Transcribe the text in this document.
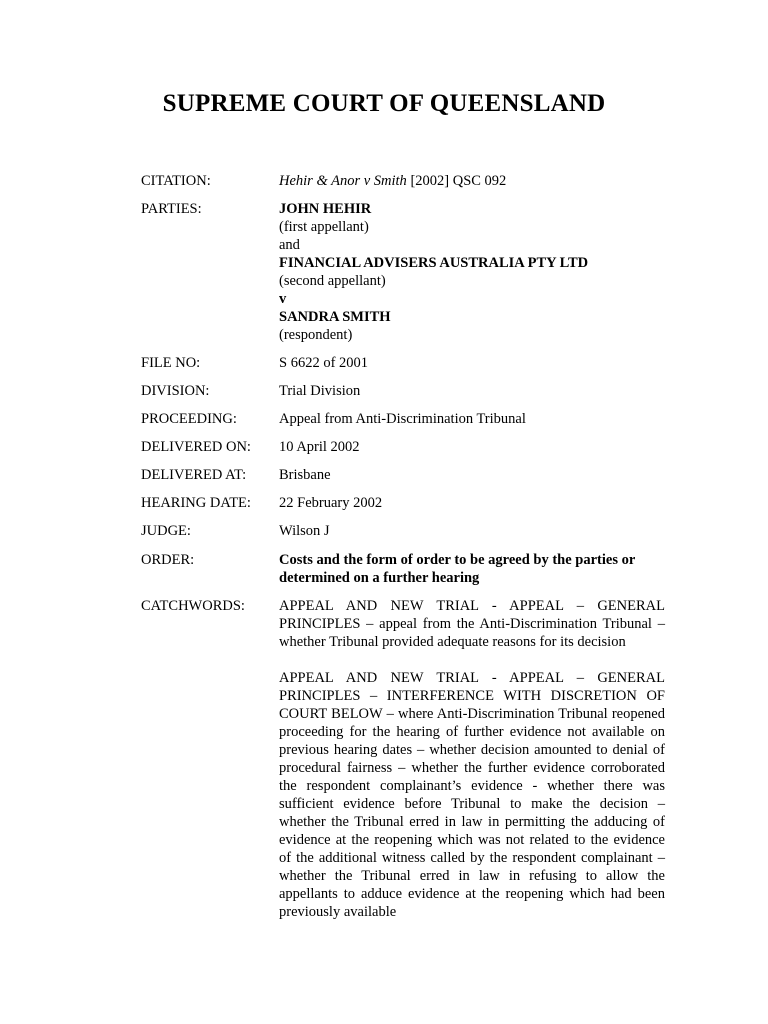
SUPREME COURT OF QUEENSLAND
CITATION:	Hehir & Anor v Smith [2002] QSC 092
PARTIES:	JOHN HEHIR
(first appellant)
and
FINANCIAL ADVISERS AUSTRALIA PTY LTD
(second appellant)
v
SANDRA SMITH
(respondent)
FILE NO:	S 6622 of 2001
DIVISION:	Trial Division
PROCEEDING:	Appeal from Anti-Discrimination Tribunal
DELIVERED ON: 10 April 2002
DELIVERED AT: Brisbane
HEARING DATE: 22 February 2002
JUDGE:	Wilson J
ORDER:	Costs and the form of order to be agreed by the parties or determined on a further hearing
CATCHWORDS: APPEAL AND NEW TRIAL - APPEAL – GENERAL PRINCIPLES – appeal from the Anti-Discrimination Tribunal – whether Tribunal provided adequate reasons for its decision
APPEAL AND NEW TRIAL - APPEAL – GENERAL PRINCIPLES – INTERFERENCE WITH DISCRETION OF COURT BELOW – where Anti-Discrimination Tribunal reopened proceeding for the hearing of further evidence not available on previous hearing dates – whether decision amounted to denial of procedural fairness – whether the further evidence corroborated the respondent complainant’s evidence - whether there was sufficient evidence before Tribunal to make the decision – whether the Tribunal erred in law in permitting the adducing of evidence at the reopening which was not related to the evidence of the additional witness called by the respondent complainant – whether the Tribunal erred in law in refusing to allow the appellants to adduce evidence at the reopening which had been previously available
